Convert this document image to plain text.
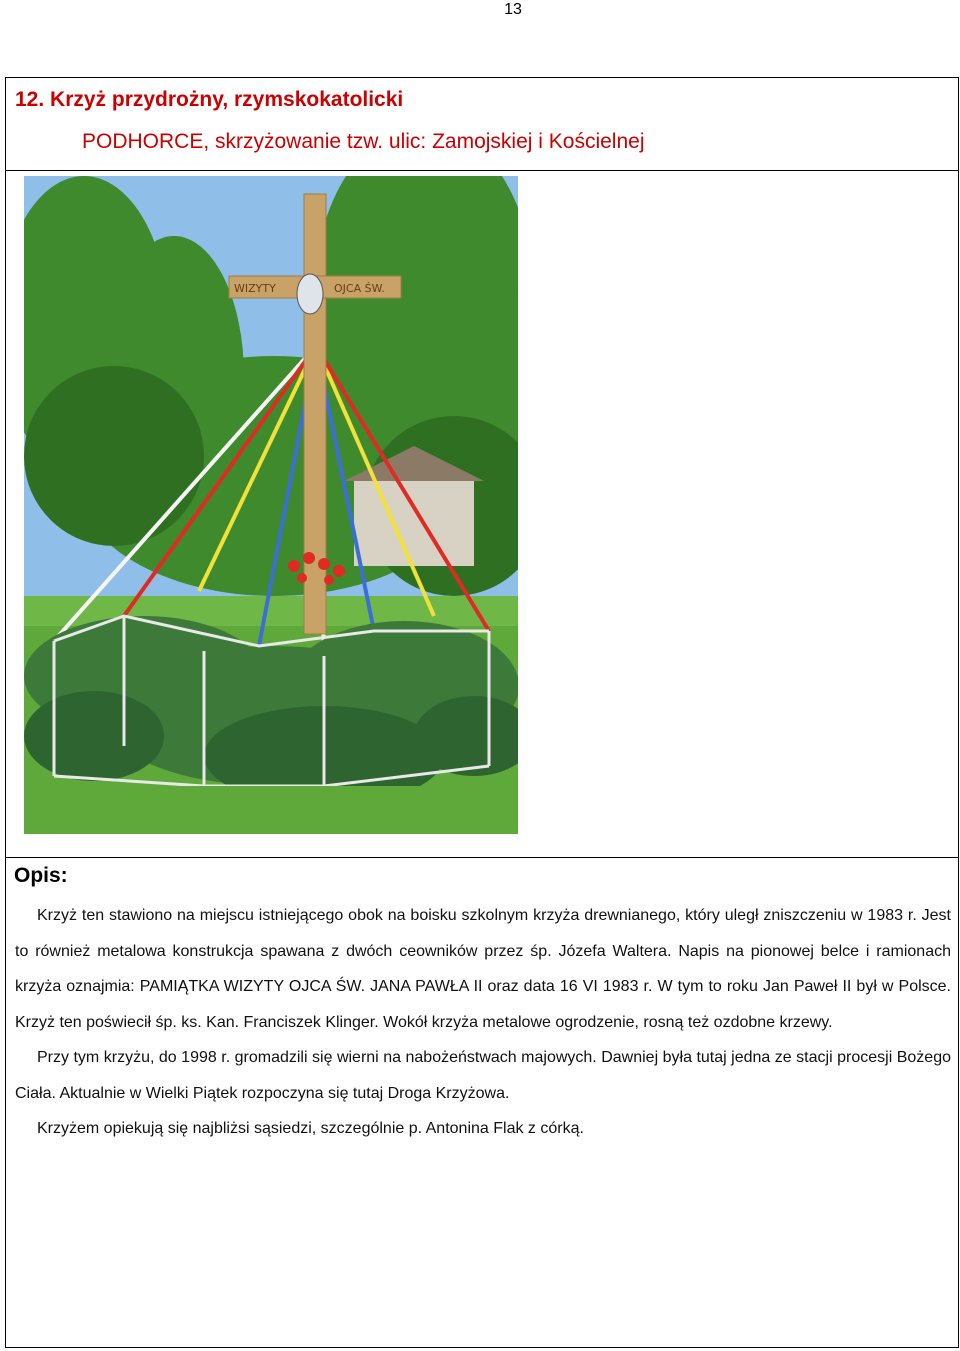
13
12. Krzyż przydrożny, rzymskokatolicki
PODHORCE, skrzyżowanie tzw. ulic: Zamojskiej i Kościelnej
WIZYTY	OJCA ŚW.
Opis:

Krzyż ten stawiono na miejscu istniejącego obok na boisku szkolnym krzyża drewnianego, który uległ zniszczeniu w 1983 r. Jest to również metalowa konstrukcja spawana z dwóch ceowników przez śp. Józefa Waltera. Napis na pionowej belce i ramionach krzyża oznajmia: PAMIĄTKA WIZYTY OJCA ŚW. JANA PAWŁA II oraz data 16 VI 1983 r. W tym to roku Jan Paweł II był w Polsce. Krzyż ten poświecił śp. ks. Kan. Franciszek Klinger. Wokół krzyża metalowe ogrodzenie, rosną też ozdobne krzewy.

Przy tym krzyżu, do 1998 r. gromadzili się wierni na nabożeństwach majowych. Dawniej była tutaj jedna ze stacji procesji Bożego Ciała. Aktualnie w Wielki Piątek rozpoczyna się tutaj Droga Krzyżowa.

Krzyżem opiekują się najbliżsi sąsiedzi, szczególnie p. Antonina Flak z córką.
